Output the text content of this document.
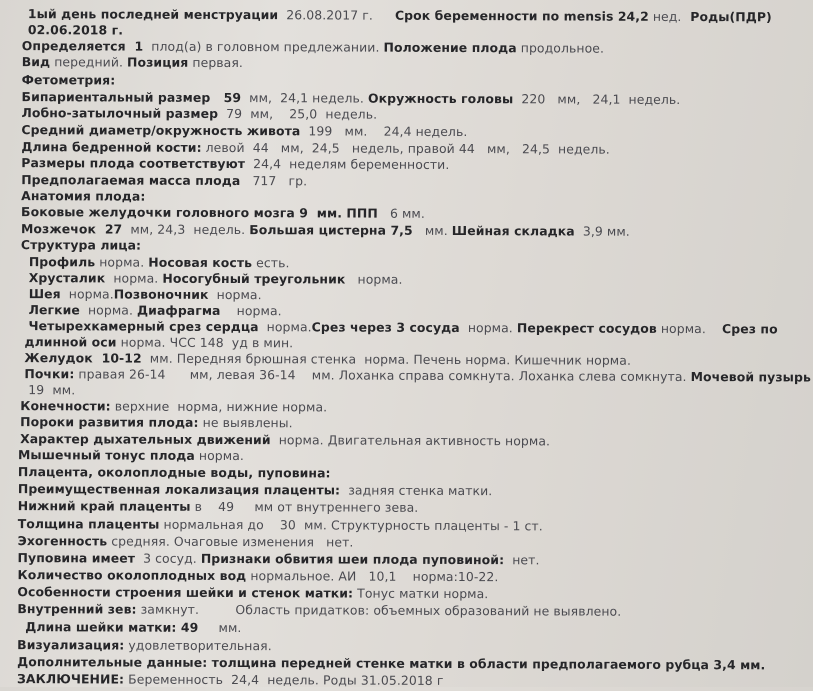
1ый день последней менструации  26.08.2017 г.     Срок беременности по mensis 24,2 нед.  Роды(ПДР)
02.06.2018 г.
Определяется  1  плод(а) в головном предлежании. Положение плода продольное.
Вид передний. Позиция первая.
Фетометрия:
Бипариентальный размер   59  мм,  24,1 недель. Окружность головы  220   мм,   24,1  недель.
Лобно-затылочный размер  79  мм,    25,0  недель.
Средний диаметр/окружность живота  199   мм.    24,4 недель.
Длина бедренной кости: левой  44   мм,  24,5   недель, правой 44   мм,   24,5  недель.
Размеры плода соответствуют  24,4  неделям беременности.
Предполагаемая масса плода   717   гр.
Анатомия плода:
Боковые желудочки головного мозга 9  мм. ППП   6 мм.
Мозжечок  27  мм, 24,3  недель. Большая цистерна 7,5   мм. Шейная складка  3,9 мм.
Структура лица:
Профиль норма. Носовая кость есть.
Хрусталик  норма. Носогубный треугольник   норма.
Шея  норма.Позвоночник  норма.
Легкие  норма. Диафрагма    норма.
Четырехкамерный срез сердца  норма.Срез через 3 сосуда  норма. Перекрест сосудов норма.    Срез по
длинной оси норма. ЧСС 148  уд в мин.
Желудок  10-12  мм. Передняя брюшная стенка  норма. Печень норма. Кишечник норма.
Почки: правая 26-14      мм, левая 36-14    мм. Лоханка справа сомкнута. Лоханка слева сомкнута. Мочевой пузырь
19  мм.
Конечности: верхние  норма, нижние норма.
Пороки развития плода: не выявлены.
Характер дыхательных движений  норма. Двигательная активность норма.
Мышечный тонус плода норма.
Плацента, околоплодные воды, пуповина:
Преимущественная локализация плаценты:  задняя стенка матки.
Нижний край плаценты в    49     мм от внутреннего зева.
Толщина плаценты нормальная до    30  мм. Структурность плаценты - 1 ст.
Эхогенность средняя. Очаговые изменения   нет.
Пуповина имеет  3 сосуд. Признаки обвития шеи плода пуповиной:  нет.
Количество околоплодных вод нормальное. АИ   10,1    норма:10-22.
Особенности строения шейки и стенок матки: Тонус матки норма.
Внутренний зев: замкнут.         Область придатков: объемных образований не выявлено.
Длина шейки матки: 49     мм.
Визуализация: удовлетворительная.
Дополнительные данные: толщина передней стенке матки в области предполагаемого рубца 3,4 мм.
ЗАКЛЮЧЕНИЕ: Беременность  24,4  недель. Роды 31.05.2018 г
